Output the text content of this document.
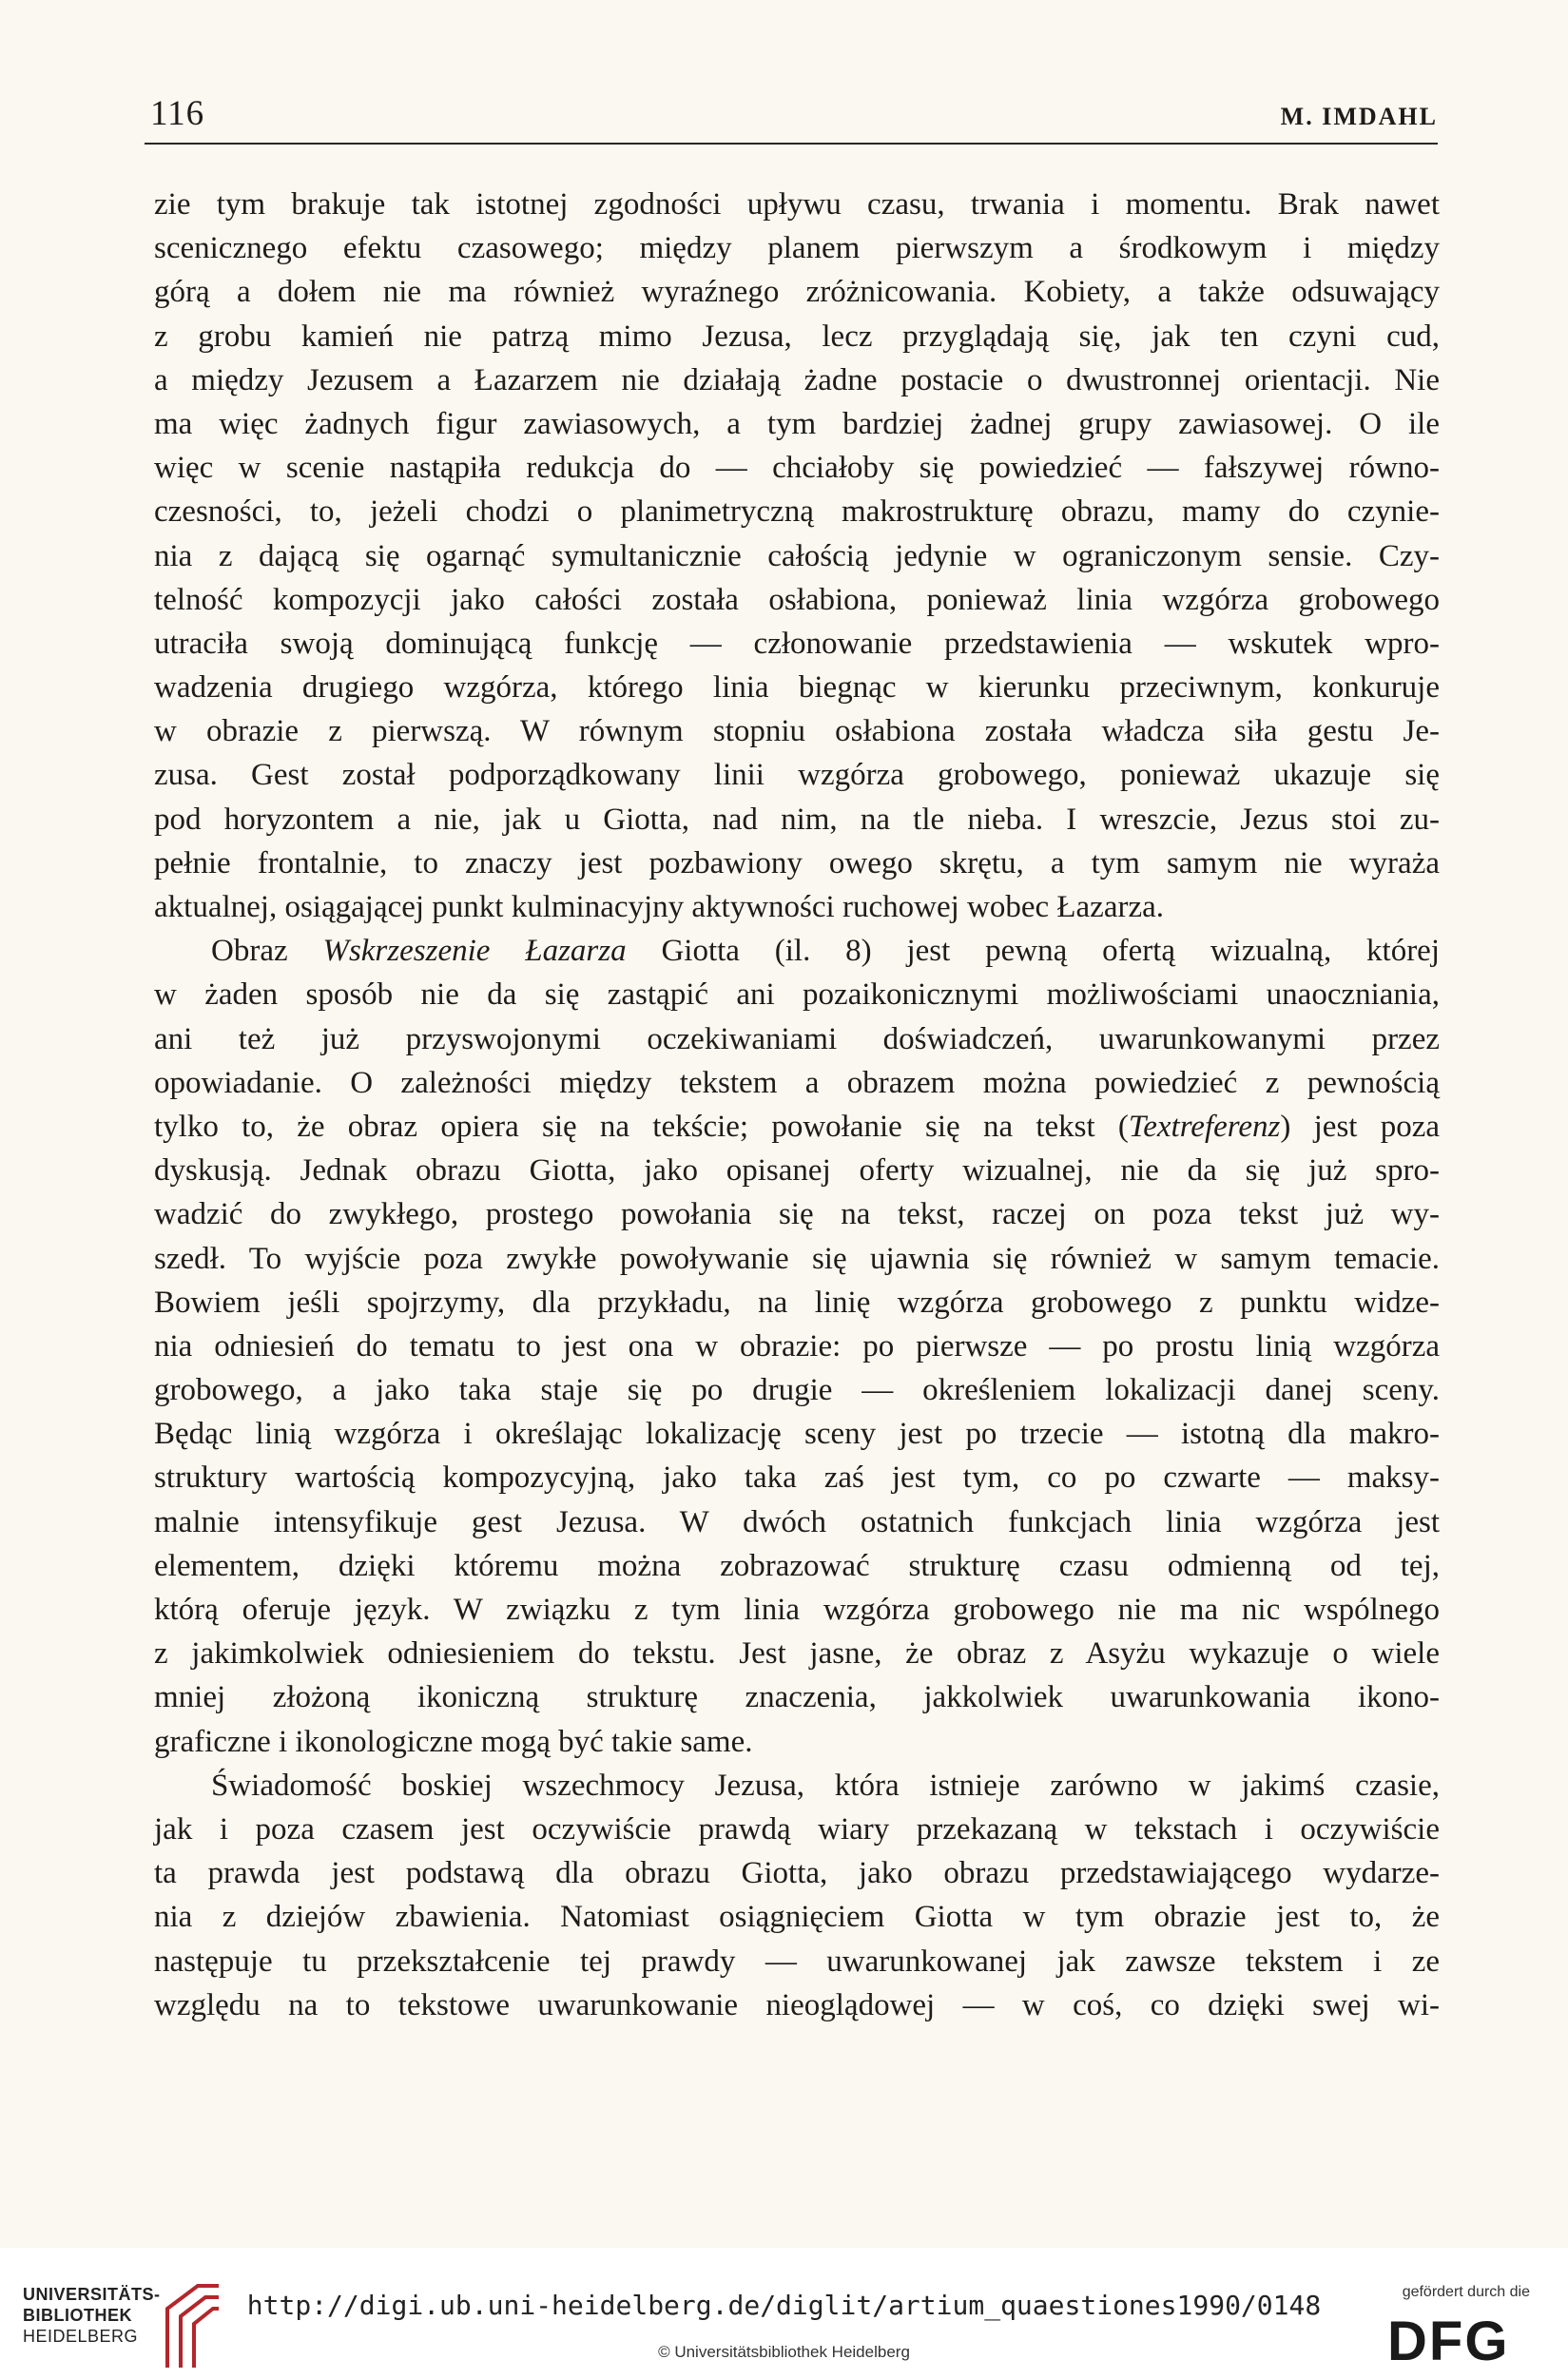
116	M. IMDAHL
zie tym brakuje tak istotnej zgodności upływu czasu, trwania i momentu. Brak nawet
scenicznego efektu czasowego; między planem pierwszym a środkowym i między
górą a dołem nie ma również wyraźnego zróżnicowania. Kobiety, a także odsuwający
z grobu kamień nie patrzą mimo Jezusa, lecz przyglądają się, jak ten czyni cud,
a między Jezusem a Łazarzem nie działają żadne postacie o dwustronnej orientacji. Nie
ma więc żadnych figur zawiasowych, a tym bardziej żadnej grupy zawiasowej. O ile
więc w scenie nastąpiła redukcja do — chciałoby się powiedzieć — fałszywej równo-
czesności, to, jeżeli chodzi o planimetryczną makrostrukturę obrazu, mamy do czynie-
nia z dającą się ogarnąć symultanicznie całością jedynie w ograniczonym sensie. Czy-
telność kompozycji jako całości została osłabiona, ponieważ linia wzgórza grobowego
utraciła swoją dominującą funkcję — członowanie przedstawienia — wskutek wpro-
wadzenia drugiego wzgórza, którego linia biegnąc w kierunku przeciwnym, konkuruje
w obrazie z pierwszą. W równym stopniu osłabiona została władcza siła gestu Je-
zusa. Gest został podporządkowany linii wzgórza grobowego, ponieważ ukazuje się
pod horyzontem a nie, jak u Giotta, nad nim, na tle nieba. I wreszcie, Jezus stoi zu-
pełnie frontalnie, to znaczy jest pozbawiony owego skrętu, a tym samym nie wyraża
aktualnej, osiągającej punkt kulminacyjny aktywności ruchowej wobec Łazarza.
Obraz Wskrzeszenie Łazarza Giotta (il. 8) jest pewną ofertą wizualną, której
w żaden sposób nie da się zastąpić ani pozaikonicznymi możliwościami unaoczniania,
ani też już przyswojonymi oczekiwaniami doświadczeń, uwarunkowanymi przez
opowiadanie. O zależności między tekstem a obrazem można powiedzieć z pewnością
tylko to, że obraz opiera się na tekście; powołanie się na tekst (Textreferenz) jest poza
dyskusją. Jednak obrazu Giotta, jako opisanej oferty wizualnej, nie da się już spro-
wadzić do zwykłego, prostego powołania się na tekst, raczej on poza tekst już wy-
szedł. To wyjście poza zwykłe powoływanie się ujawnia się również w samym temacie.
Bowiem jeśli spojrzymy, dla przykładu, na linię wzgórza grobowego z punktu widze-
nia odniesień do tematu to jest ona w obrazie: po pierwsze — po prostu linią wzgórza
grobowego, a jako taka staje się po drugie — określeniem lokalizacji danej sceny.
Będąc linią wzgórza i określając lokalizację sceny jest po trzecie — istotną dla makro-
struktury wartością kompozycyjną, jako taka zaś jest tym, co po czwarte — maksy-
malnie intensyfikuje gest Jezusa. W dwóch ostatnich funkcjach linia wzgórza jest
elementem, dzięki któremu można zobrazować strukturę czasu odmienną od tej,
którą oferuje język. W związku z tym linia wzgórza grobowego nie ma nic wspólnego
z jakimkolwiek odniesieniem do tekstu. Jest jasne, że obraz z Asyżu wykazuje o wiele
mniej złożoną ikoniczną strukturę znaczenia, jakkolwiek uwarunkowania ikono-
graficzne i ikonologiczne mogą być takie same.
Świadomość boskiej wszechmocy Jezusa, która istnieje zarówno w jakimś czasie,
jak i poza czasem jest oczywiście prawdą wiary przekazaną w tekstach i oczywiście
ta prawda jest podstawą dla obrazu Giotta, jako obrazu przedstawiającego wydarze-
nia z dziejów zbawienia. Natomiast osiągnięciem Giotta w tym obrazie jest to, że
następuje tu przekształcenie tej prawdy — uwarunkowanej jak zawsze tekstem i ze
względu na to tekstowe uwarunkowanie nieoglądowej — w coś, co dzięki swej wi-
UNIVERSITÄTS-
BIBLIOTHEK
HEIDELBERG
http://digi.ub.uni-heidelberg.de/diglit/artium_quaestiones1990/0148
© Universitätsbibliothek Heidelberg
gefördert durch die
DFG
